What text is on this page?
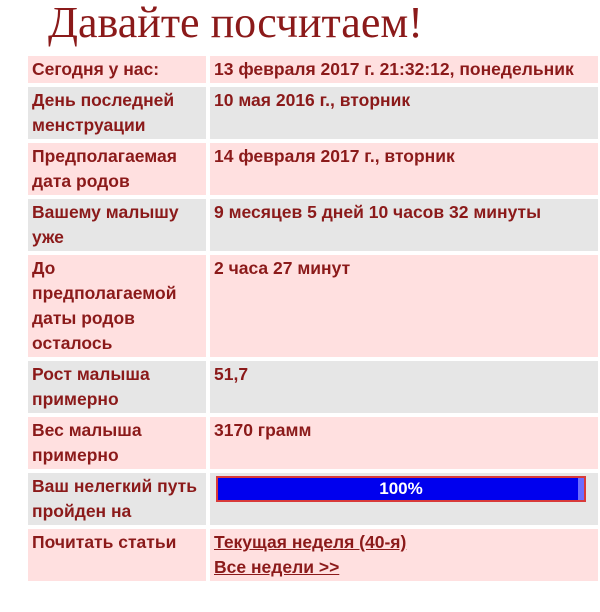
Давайте посчитаем!
Сегодня у нас:	13 февраля 2017 г. 21:32:12, понедельник
День последней менструации	10 мая 2016 г., вторник
Предполагаемая дата родов	14 февраля 2017 г., вторник
Вашему малышу уже	9 месяцев 5 дней 10 часов 32 минуты
До предполагаемой даты родов осталось	2 часа 27 минут
Рост малыша примерно	51,7
Вес малыша примерно	3170 грамм
Ваш нелегкий путь пройден на	100%

Почитать статьи	Текущая неделя (40-я)
Все недели >>
